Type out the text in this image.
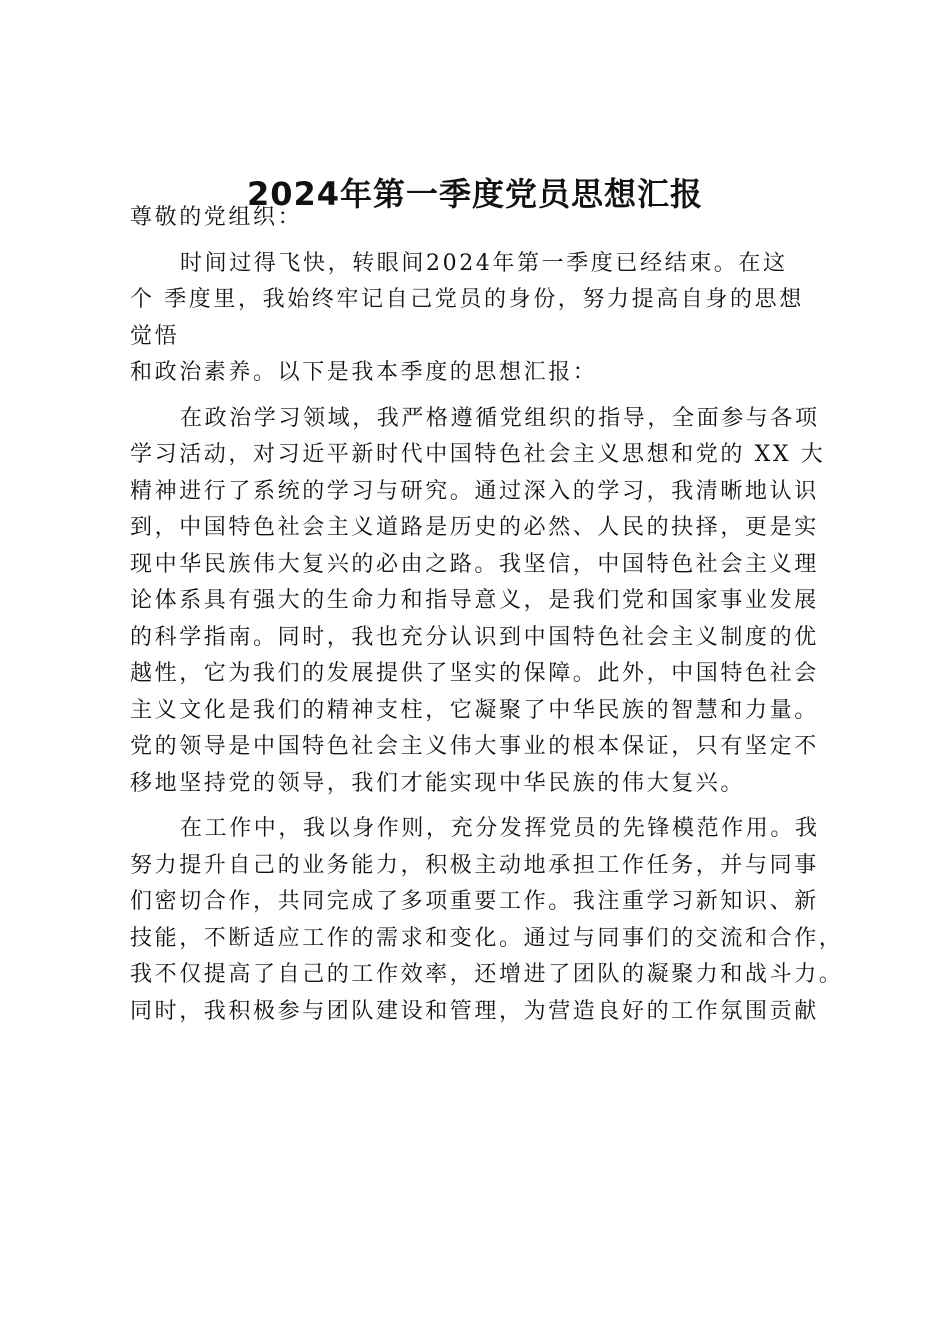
2024年第一季度党员思想汇报
尊敬的党组织：
时间过得飞快，转眼间2024年第一季度已经结束。在这
个 季度里，我始终牢记自己党员的身份，努力提高自身的思想
觉悟
和政治素养。以下是我本季度的思想汇报：
在政治学习领域，我严格遵循党组织的指导，全面参与各项
学习活动，对习近平新时代中国特色社会主义思想和党的 XX 大
精神进行了系统的学习与研究。通过深入的学习，我清晰地认识
到，中国特色社会主义道路是历史的必然、人民的抉择，更是实
现中华民族伟大复兴的必由之路。我坚信，中国特色社会主义理
论体系具有强大的生命力和指导意义，是我们党和国家事业发展
的科学指南。同时，我也充分认识到中国特色社会主义制度的优
越性，它为我们的发展提供了坚实的保障。此外，中国特色社会
主义文化是我们的精神支柱，它凝聚了中华民族的智慧和力量。
党的领导是中国特色社会主义伟大事业的根本保证，只有坚定不
移地坚持党的领导，我们才能实现中华民族的伟大复兴。
在工作中，我以身作则，充分发挥党员的先锋模范作用。我
努力提升自己的业务能力，积极主动地承担工作任务，并与同事
们密切合作，共同完成了多项重要工作。我注重学习新知识、新
技能，不断适应工作的需求和变化。通过与同事们的交流和合作，
我不仅提高了自己的工作效率，还增进了团队的凝聚力和战斗力。
同时，我积极参与团队建设和管理，为营造良好的工作氛围贡献
